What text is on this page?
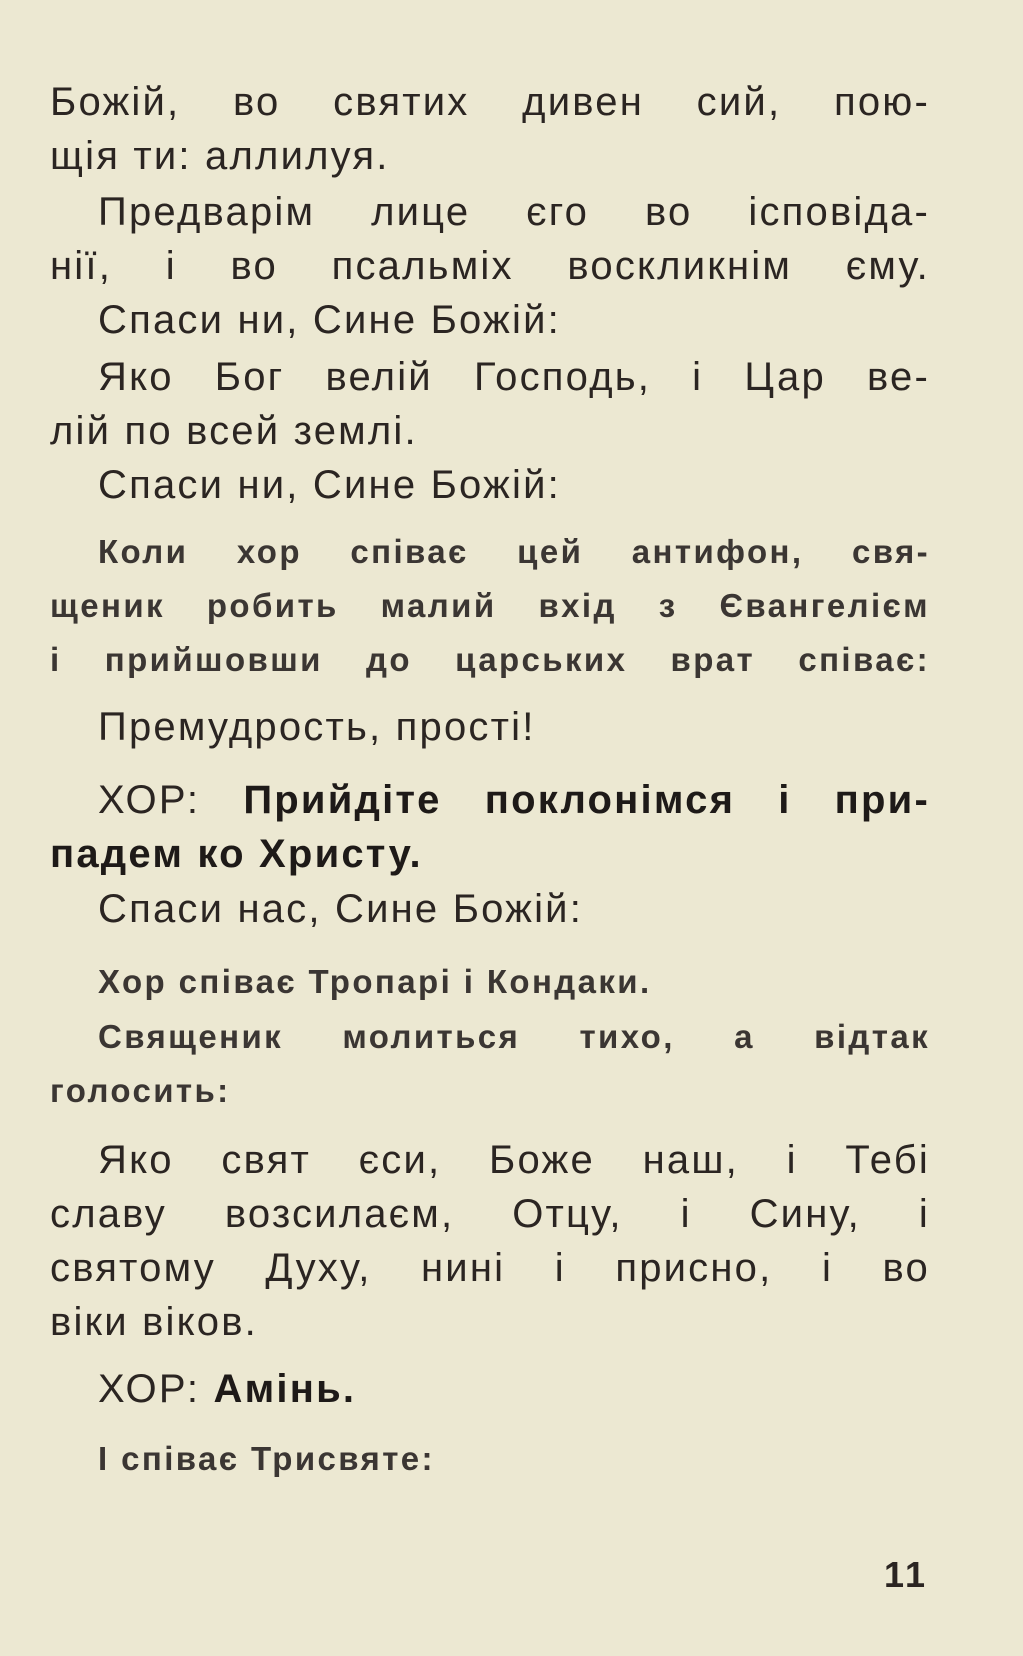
Божій, во святих дивен сий, пою-
щія ти: аллилуя.
Предварім лице єго во ісповіда-
нії, і во псальміх воскликнім єму.
Спаси ни, Сине Божій:
Яко Бог велій Господь, і Цар ве-
лій по всей землі.
Спаси ни, Сине Божій:
Коли хор співає цей антифон, свя-
щеник робить малий вхід з Євангелієм
і прийшовши до царських врат співає:
Премудрость, прості!
ХОР: Прийдіте поклонімся і при-
падем ко Христу.
Спаси нас, Сине Божій:
Хор співає Тропарі і Кондаки.
Священик молиться тихо, а відтак
голосить:
Яко свят єси, Боже наш, і Тебі
славу возсилаєм, Отцу, і Сину, і
святому Духу, нині і присно, і во
віки віков.
ХОР: Амінь.
І співає Трисвяте:
11
